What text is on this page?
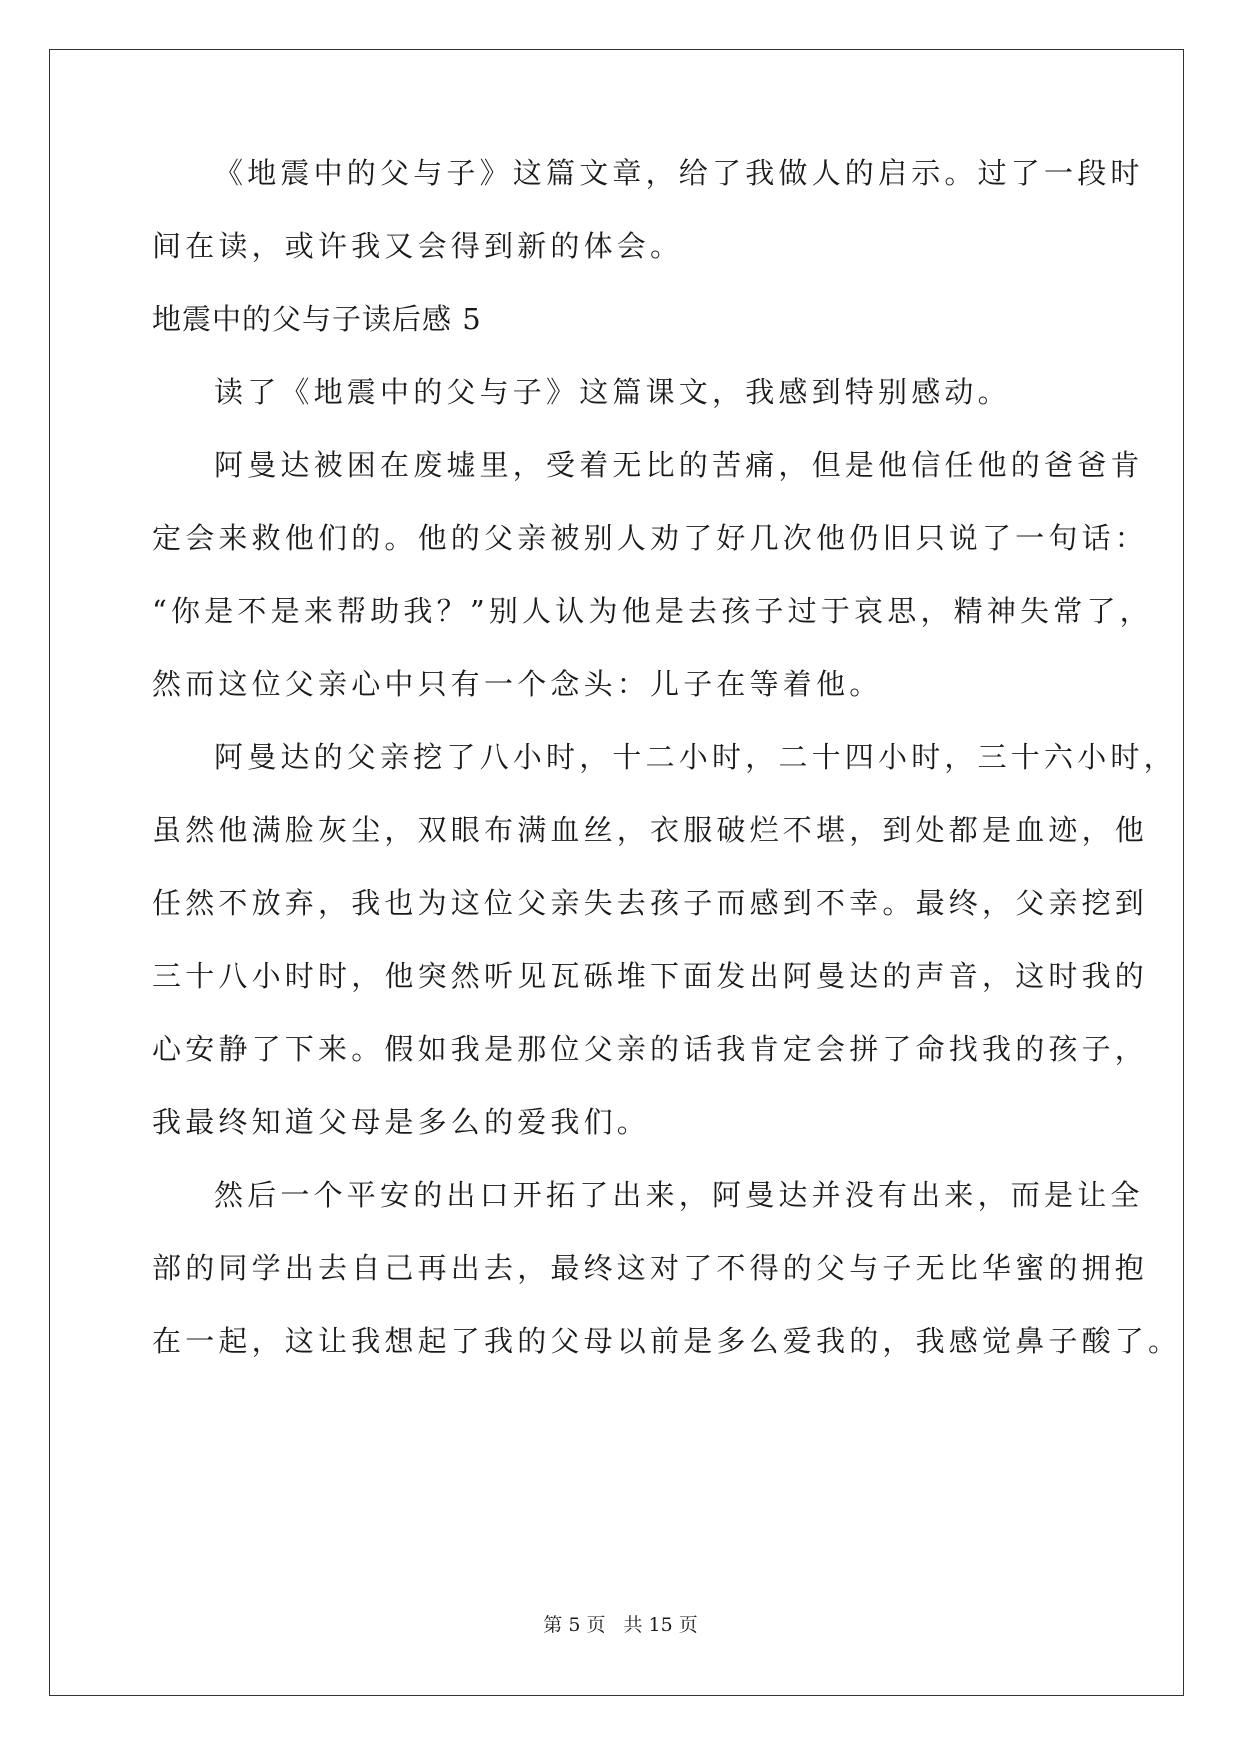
《地震中的父与子》这篇文章，给了我做人的启示。过了一段时
间在读，或许我又会得到新的体会。
地震中的父与子读后感 5
读了《地震中的父与子》这篇课文，我感到特别感动。
阿曼达被困在废墟里，受着无比的苦痛，但是他信任他的爸爸肯
定会来救他们的。他的父亲被别人劝了好几次他仍旧只说了一句话：
“你是不是来帮助我？”别人认为他是去孩子过于哀思，精神失常了，
然而这位父亲心中只有一个念头：儿子在等着他。
阿曼达的父亲挖了八小时，十二小时，二十四小时，三十六小时，
虽然他满脸灰尘，双眼布满血丝，衣服破烂不堪，到处都是血迹，他
任然不放弃，我也为这位父亲失去孩子而感到不幸。最终，父亲挖到
三十八小时时，他突然听见瓦砾堆下面发出阿曼达的声音，这时我的
心安静了下来。假如我是那位父亲的话我肯定会拼了命找我的孩子，
我最终知道父母是多么的爱我们。
然后一个平安的出口开拓了出来，阿曼达并没有出来，而是让全
部的同学出去自己再出去，最终这对了不得的父与子无比华蜜的拥抱
在一起，这让我想起了我的父母以前是多么爱我的，我感觉鼻子酸了。
第 5 页 共 15 页
